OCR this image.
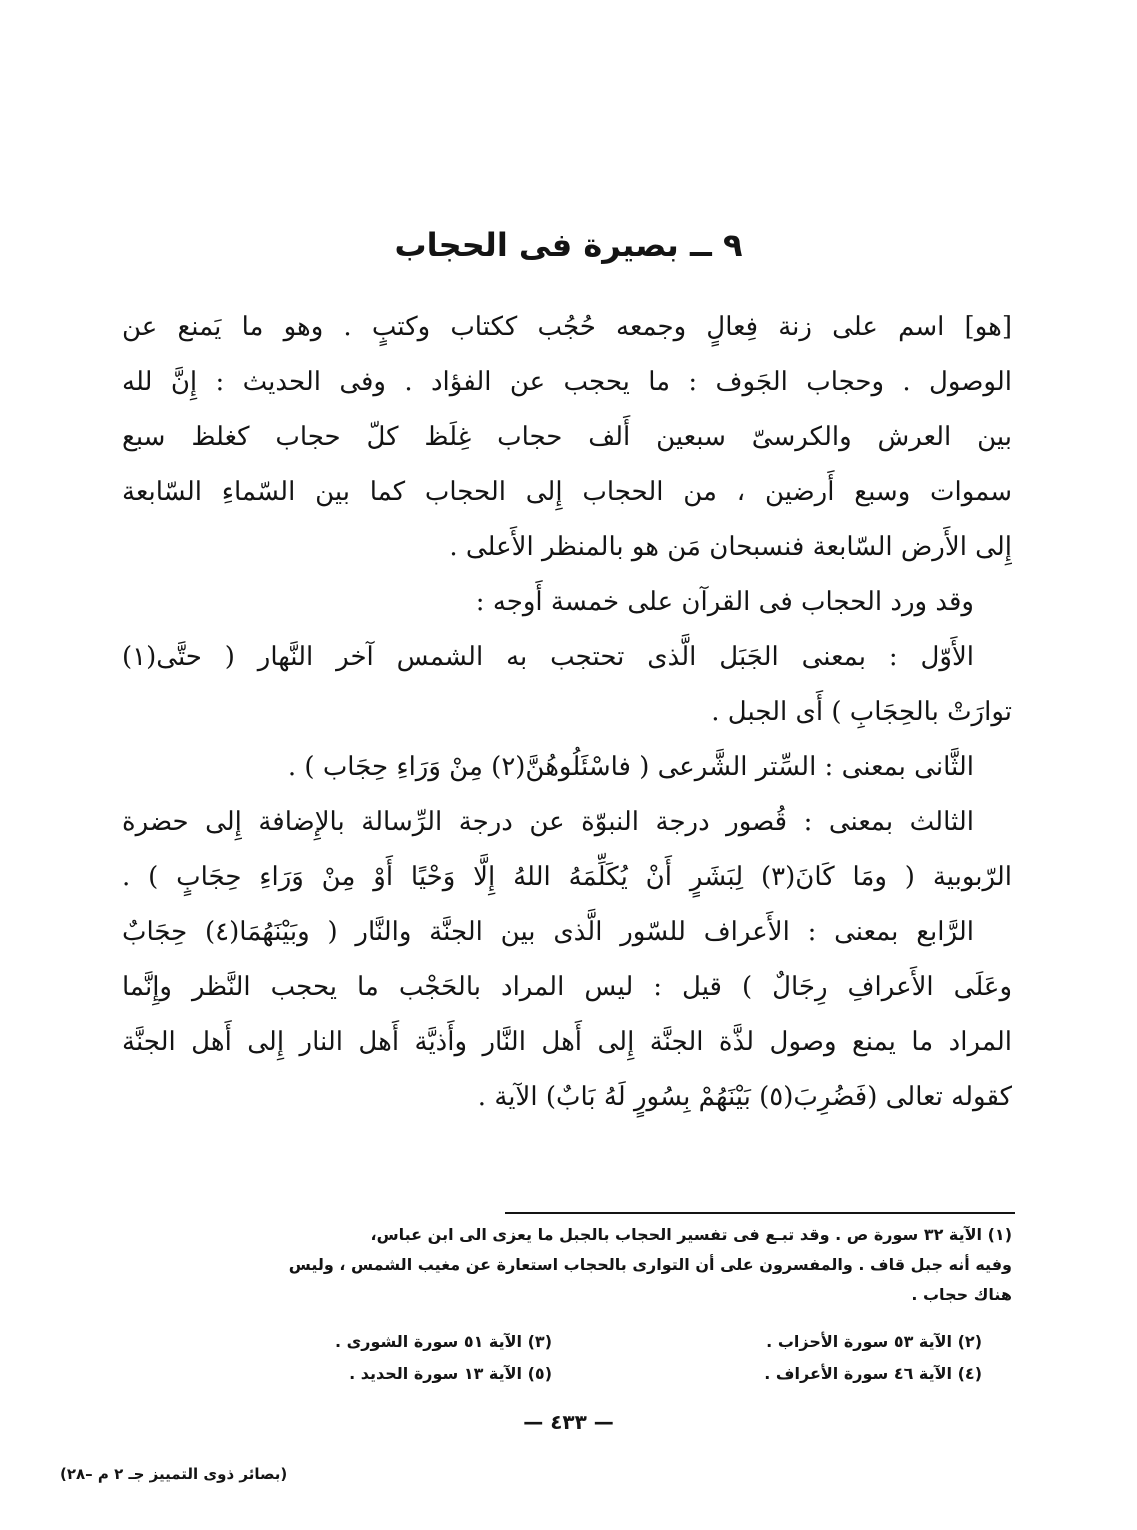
٩ ــ بصيرة فى الحجاب
[هو] اسم على زنة فِعالٍ وجمعه حُجُب ككتاب وكتبٍ . وهو ما يَمنع عن
الوصول . وحجاب الجَوف : ما يحجب عن الفؤاد . وفى الحديث : إِنَّ لله
بين العرش والكرسىّ سبعين أَلف حجاب غِلَظ كلّ حجاب كغلظ سبع
سموات وسبع أَرضين ، من الحجاب إِلى الحجاب كما بين السّماءِ السّابعة
إِلى الأَرض السّابعة فنسبحان مَن هو بالمنظر الأَعلى .
وقد ورد الحجاب فى القرآن على خمسة أَوجه :
الأَوّل : بمعنى الجَبَل الَّذى تحتجب به الشمس آخر النَّهار ( حتَّى(١)
توارَتْ بالحِجَابِ ) أَى الجبل .
الثَّانى بمعنى : السِّتر الشَّرعى ( فاسْئَلُوهُنَّ(٢) مِنْ وَرَاءِ حِجَاب ) .
الثالث بمعنى : قُصور درجة النبوّة عن درجة الرِّسالة بالإِضافة إِلى حضرة
الرّبوبية ( ومَا كَانَ(٣) لِبَشَرٍ أَنْ يُكَلِّمَهُ اللهُ إِلَّا وَحْيًا أَوْ مِنْ وَرَاءِ حِجَابٍ ) .
الرَّابع بمعنى : الأَعراف للسّور الَّذى بين الجنَّة والنَّار ( وبَيْنَهُمَا(٤) حِجَابٌ
وعَلَى الأَعرافِ رِجَالٌ ) قيل : ليس المراد بالحَجْب ما يحجب النَّظر وإِنَّما
المراد ما يمنع وصول لذَّة الجنَّة إِلى أَهل النَّار وأَذيَّة أَهل النار إِلى أَهل الجنَّة
كقوله تعالى (فَضُرِبَ(٥) بَيْنَهُمْ بِسُورٍ لَهُ بَابٌ) الآية .
(١) الآية ٣٢ سورة ص . وقد تبـع فى تفسير الحجاب بالجبل ما يعزى الى ابن عباس،
وفيه أنه جبل قاف . والمفسرون على أن التوارى بالحجاب استعارة عن مغيب الشمس ، وليس
هناك حجاب .
(٢) الآية ٥٣ سورة الأحزاب .
(٣) الآية ٥١ سورة الشورى .
(٤) الآية ٤٦ سورة الأعراف .
(٥) الآية ١٣ سورة الحديد .
— ٤٣٣ —
(بصائر ذوى التمييز جـ ٢ م –٢٨)
